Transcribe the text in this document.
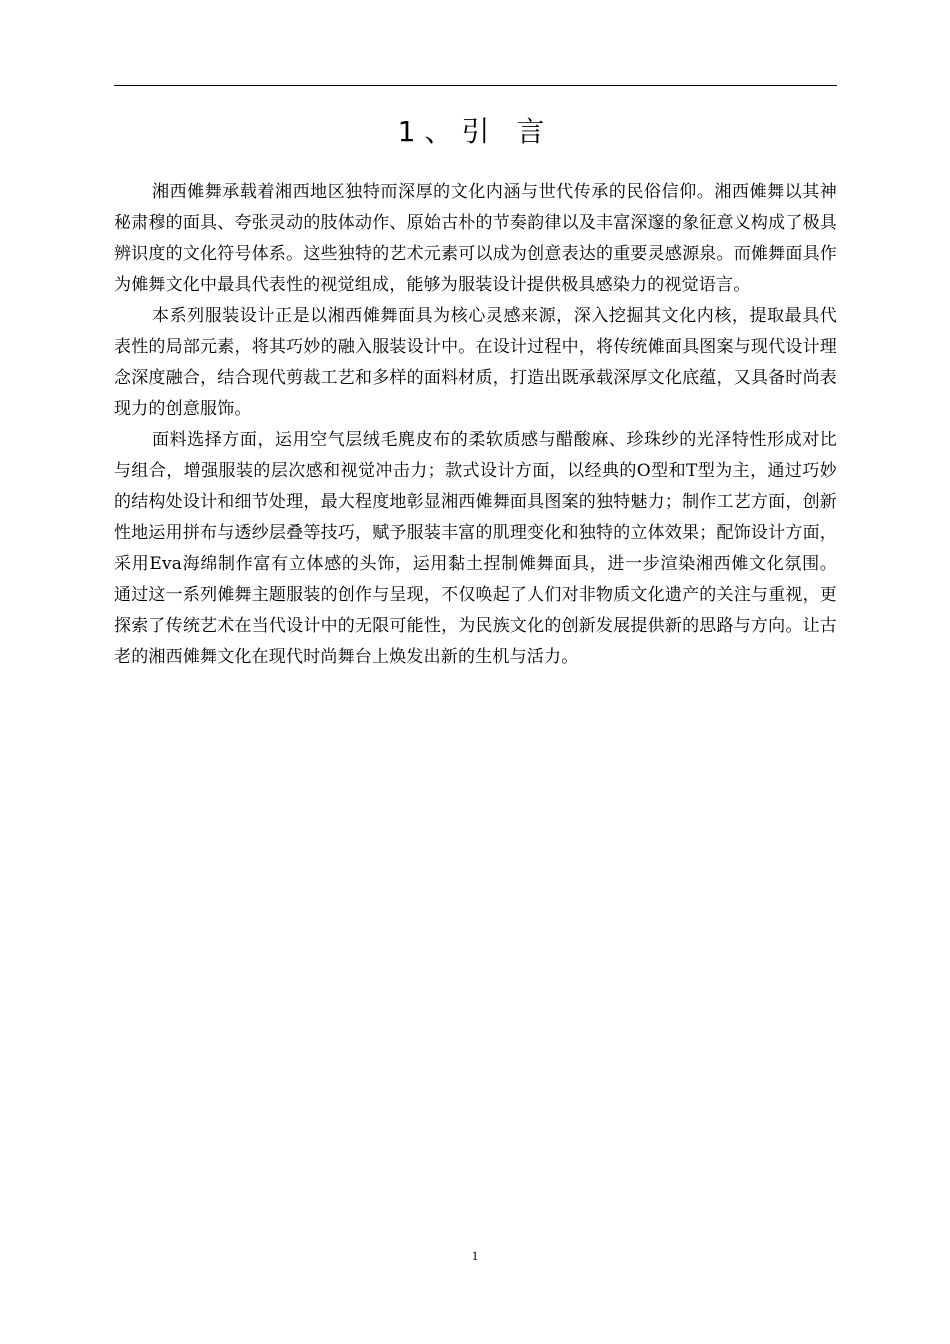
1、引 言

湘西傩舞承载着湘西地区独特而深厚的文化内涵与世代传承的民俗信仰。湘西傩舞以其神秘肃穆的面具、夸张灵动的肢体动作、原始古朴的节奏韵律以及丰富深邃的象征意义构成了极具辨识度的文化符号体系。这些独特的艺术元素可以成为创意表达的重要灵感源泉。而傩舞面具作为傩舞文化中最具代表性的视觉组成，能够为服装设计提供极具感染力的视觉语言。

本系列服装设计正是以湘西傩舞面具为核心灵感来源，深入挖掘其文化内核，提取最具代表性的局部元素，将其巧妙的融入服装设计中。在设计过程中，将传统傩面具图案与现代设计理念深度融合，结合现代剪裁工艺和多样的面料材质，打造出既承载深厚文化底蕴，又具备时尚表现力的创意服饰。

面料选择方面，运用空气层绒毛麂皮布的柔软质感与醋酸麻、珍珠纱的光泽特性形成对比与组合，增强服装的层次感和视觉冲击力；款式设计方面，以经典的O型和T型为主，通过巧妙的结构处设计和细节处理，最大程度地彰显湘西傩舞面具图案的独特魅力；制作工艺方面，创新性地运用拼布与透纱层叠等技巧，赋予服装丰富的肌理变化和独特的立体效果；配饰设计方面，采用Eva海绵制作富有立体感的头饰，运用黏土捏制傩舞面具，进一步渲染湘西傩文化氛围。 通过这一系列傩舞主题服装的创作与呈现，不仅唤起了人们对非物质文化遗产的关注与重视，更探索了传统艺术在当代设计中的无限可能性，为民族文化的创新发展提供新的思路与方向。让古老的湘西傩舞文化在现代时尚舞台上焕发出新的生机与活力。

1
